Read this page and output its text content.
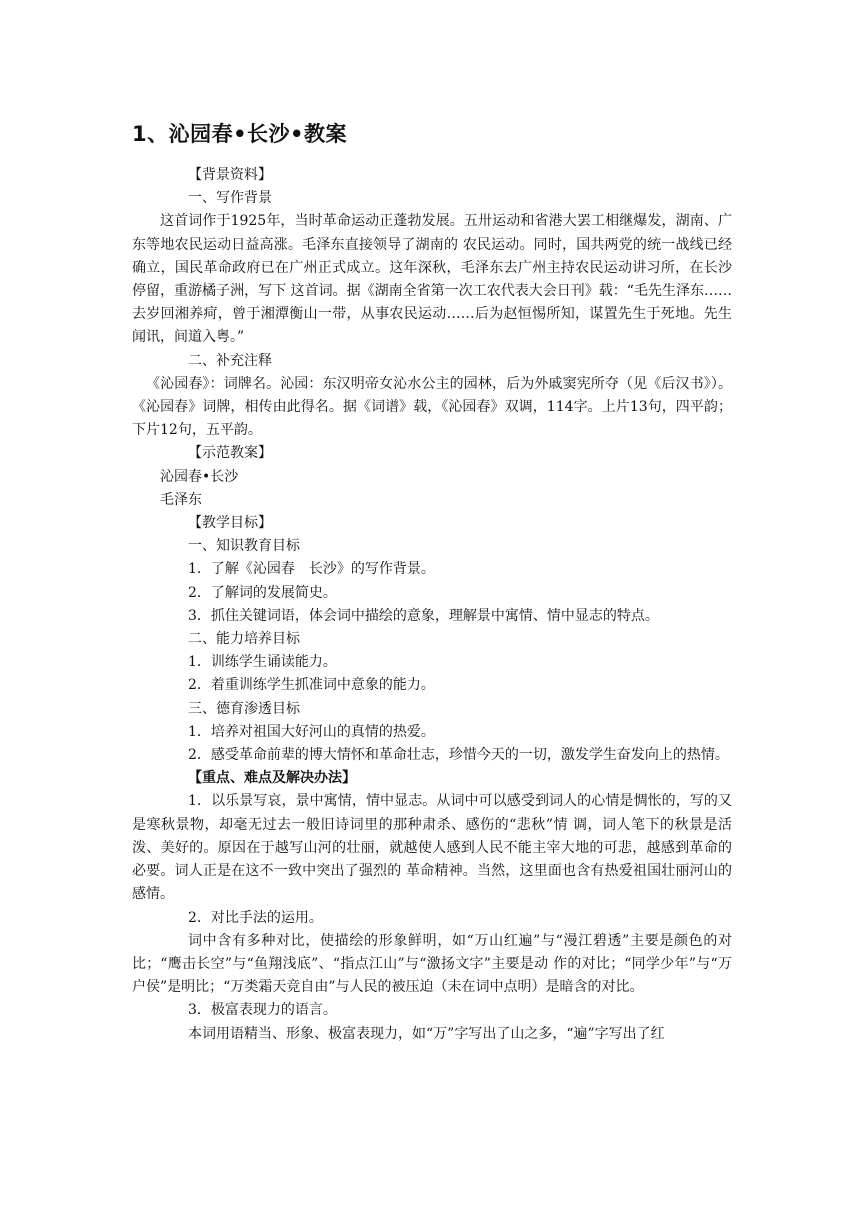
1、沁园春•长沙•教案

【背景资料】

一、写作背景

这首词作于1925年，当时革命运动正蓬勃发展。五卅运动和省港大罢工相继爆发，湖南、广东等地农民运动日益高涨。毛泽东直接领导了湖南的 农民运动。同时，国共两党的统一战线已经确立，国民革命政府已在广州正式成立。这年深秋，毛泽东去广州主持农民运动讲习所，在长沙停留，重游橘子洲，写下 这首词。据《湖南全省第一次工农代表大会日刊》载：“毛先生泽东……去岁回湘养疴，曾于湘潭衡山一带，从事农民运动……后为赵恒惕所知，谋置先生于死地。先生闻讯，间道入粤。”

二、补充注释

《沁园春》：词牌名。沁园：东汉明帝女沁水公主的园林，后为外戚窦宪所夺（见《后汉书》）。《沁园春》词牌，相传由此得名。据《词谱》载，《沁园春》双调，114字。上片13句，四平韵；下片12句，五平韵。

【示范教案】

沁园春•长沙

毛泽东

【教学目标】

一、知识教育目标

1．了解《沁园春　长沙》的写作背景。

2．了解词的发展简史。

3．抓住关键词语，体会词中描绘的意象，理解景中寓情、情中显志的特点。

二、能力培养目标

1．训练学生诵读能力。

2．着重训练学生抓准词中意象的能力。

三、德育渗透目标

1．培养对祖国大好河山的真情的热爱。

2．感受革命前辈的博大情怀和革命壮志，珍惜今天的一切，激发学生奋发向上的热情。

【重点、难点及解决办法】

1．以乐景写哀，景中寓情，情中显志。从词中可以感受到词人的心情是惆怅的，写的又是寒秋景物，却毫无过去一般旧诗词里的那种肃杀、感伤的“悲秋”情 调，词人笔下的秋景是活泼、美好的。原因在于越写山河的壮丽，就越使人感到人民不能主宰大地的可悲，越感到革命的必要。词人正是在这不一致中突出了强烈的 革命精神。当然，这里面也含有热爱祖国壮丽河山的感情。

2．对比手法的运用。

词中含有多种对比，使描绘的形象鲜明，如“万山红遍”与“漫江碧透”主要是颜色的对比；“鹰击长空”与“鱼翔浅底”、“指点江山”与“激扬文字”主要是动 作的对比；“同学少年”与“万户侯”是明比；“万类霜天竞自由”与人民的被压迫（未在词中点明）是暗含的对比。

3．极富表现力的语言。

本词用语精当、形象、极富表现力，如“万”字写出了山之多，“遍”字写出了红
